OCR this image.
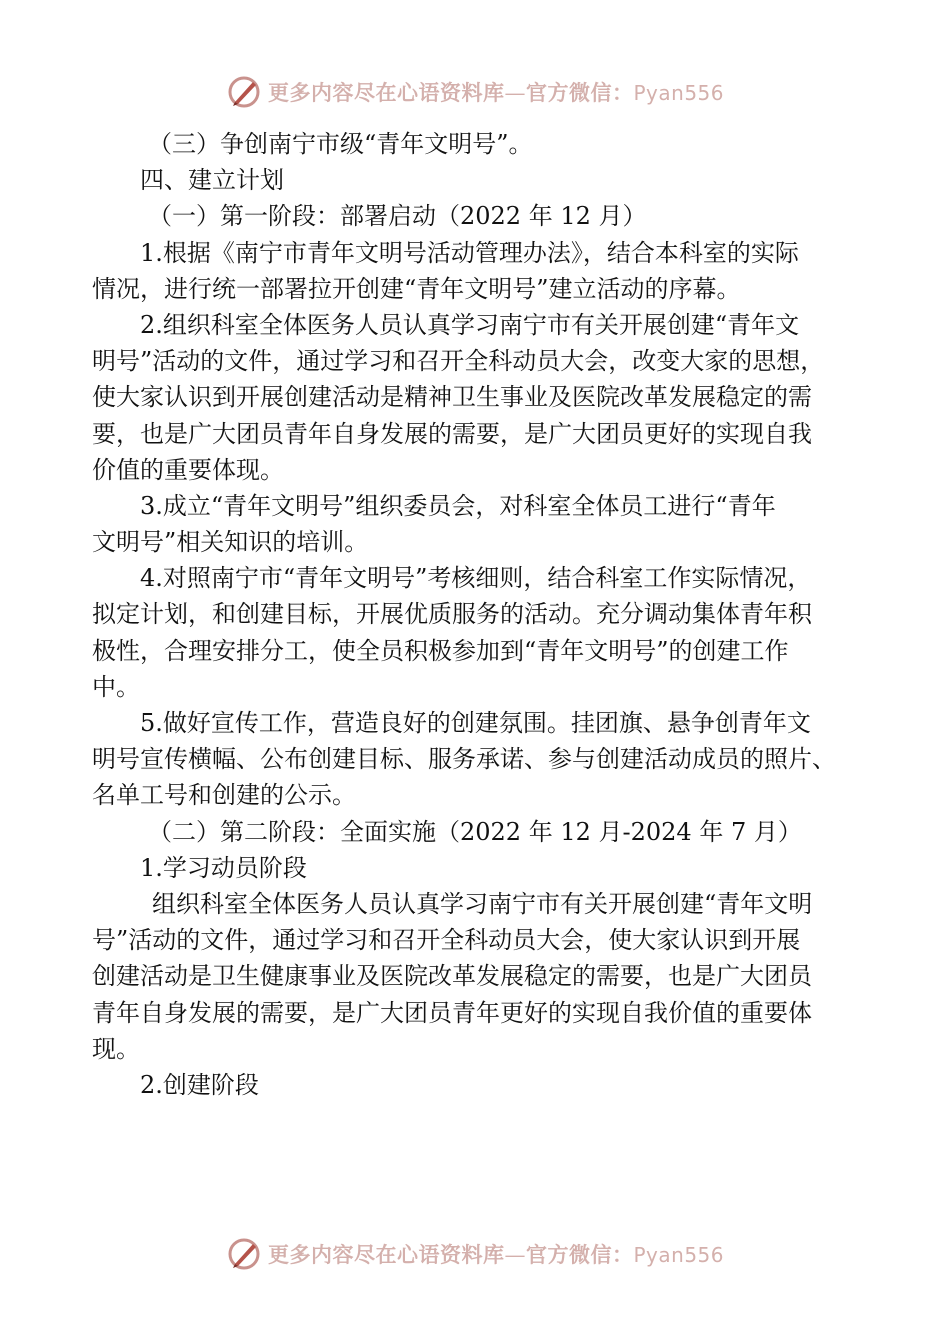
更多内容尽在心语资料库—官方微信：Pyan556
（三）争创南宁市级“青年文明号”。
四、建立计划
（一）第一阶段：部署启动（2022 年 12 月）
1.根据《南宁市青年文明号活动管理办法》，结合本科室的实际
情况，进行统一部署拉开创建“青年文明号”建立活动的序幕。
2.组织科室全体医务人员认真学习南宁市有关开展创建“青年文
明号”活动的文件，通过学习和召开全科动员大会，改变大家的思想，
使大家认识到开展创建活动是精神卫生事业及医院改革发展稳定的需
要，也是广大团员青年自身发展的需要，是广大团员更好的实现自我
价值的重要体现。
3.成立“青年文明号”组织委员会，对科室全体员工进行“青年
文明号”相关知识的培训。
4.对照南宁市“青年文明号”考核细则，结合科室工作实际情况，
拟定计划，和创建目标，开展优质服务的活动。充分调动集体青年积
极性，合理安排分工，使全员积极参加到“青年文明号”的创建工作
中。
5.做好宣传工作，营造良好的创建氛围。挂团旗、悬争创青年文
明号宣传横幅、公布创建目标、服务承诺、参与创建活动成员的照片、
名单工号和创建的公示。
（二）第二阶段：全面实施（2022 年 12 月-2024 年 7 月）
1.学习动员阶段
组织科室全体医务人员认真学习南宁市有关开展创建“青年文明
号”活动的文件，通过学习和召开全科动员大会，使大家认识到开展
创建活动是卫生健康事业及医院改革发展稳定的需要，也是广大团员
青年自身发展的需要，是广大团员青年更好的实现自我价值的重要体
现。
2.创建阶段
更多内容尽在心语资料库—官方微信：Pyan556
